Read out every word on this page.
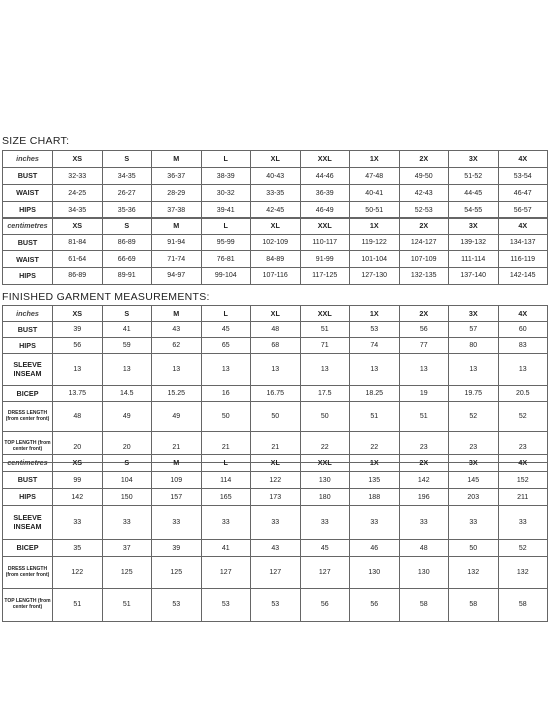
SIZE CHART:
inches	XS	S	M	L	XL	XXL	1X	2X	3X	4X
BUST	32-33	34-35	36-37	38-39	40-43	44-46	47-48	49-50	51-52	53-54
WAIST	24-25	26-27	28-29	30-32	33-35	36-39	40-41	42-43	44-45	46-47
HIPS	34-35	35-36	37-38	39-41	42-45	46-49	50-51	52-53	54-55	56-57
centimetres	XS	S	M	L	XL	XXL	1X	2X	3X	4X
BUST	81-84	86-89	91-94	95-99	102-109	110-117	119-122	124-127	139-132	134-137
WAIST	61-64	66-69	71-74	76-81	84-89	91-99	101-104	107-109	111-114	116-119
HIPS	86-89	89-91	94-97	99-104	107-116	117-125	127-130	132-135	137-140	142-145
FINISHED GARMENT MEASUREMENTS:
inches	XS	S	M	L	XL	XXL	1X	2X	3X	4X
BUST	39	41	43	45	48	51	53	56	57	60
HIPS	56	59	62	65	68	71	74	77	80	83
SLEEVE INSEAM	13	13	13	13	13	13	13	13	13	13
BICEP	13.75	14.5	15.25	16	16.75	17.5	18.25	19	19.75	20.5
DRESS LENGTH (from center front)	48	49	49	50	50	50	51	51	52	52
TOP LENGTH (from center front)	20	20	21	21	21	22	22	23	23	23
centimetres	XS	S	M	L	XL	XXL	1X	2X	3X	4X
BUST	99	104	109	114	122	130	135	142	145	152
HIPS	142	150	157	165	173	180	188	196	203	211
SLEEVE INSEAM	33	33	33	33	33	33	33	33	33	33
BICEP	35	37	39	41	43	45	46	48	50	52
DRESS LENGTH (from center front)	122	125	125	127	127	127	130	130	132	132
TOP LENGTH (from center front)	51	51	53	53	53	56	56	58	58	58
